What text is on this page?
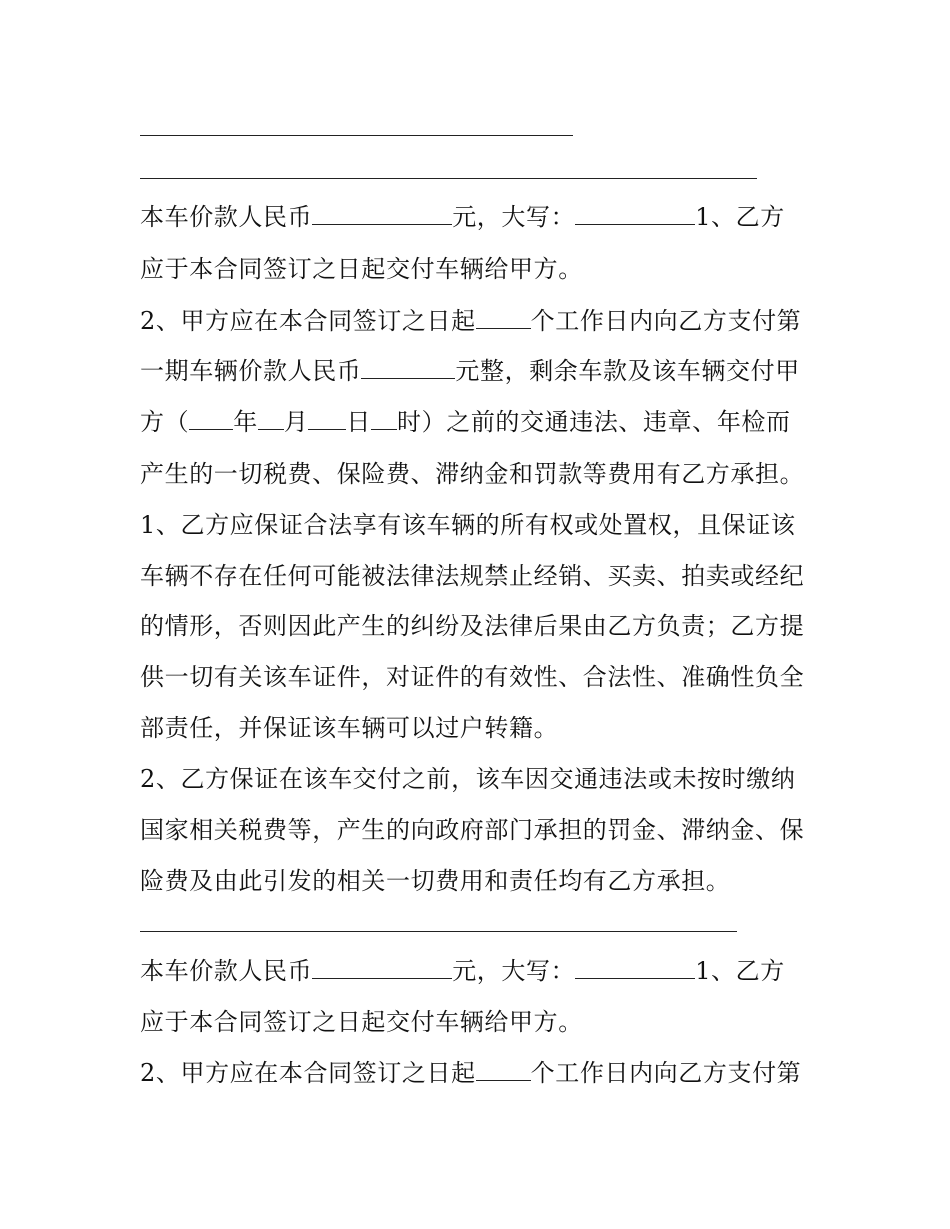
本车价款人民币	元，大写：	1、乙方
应于本合同签订之日起交付车辆给甲方。
2、甲方应在本合同签订之日起 个工作日内向乙方支付第
一期车辆价款人民币	元整，剩余车款及该车辆交付甲
方（ 年 月 日 时）之前的交通违法、违章、年检而
产生的一切税费、保险费、滞纳金和罚款等费用有乙方承担。
1、乙方应保证合法享有该车辆的所有权或处置权，且保证该
车辆不存在任何可能被法律法规禁止经销、买卖、拍卖或经纪
的情形，否则因此产生的纠纷及法律后果由乙方负责；乙方提
供一切有关该车证件，对证件的有效性、合法性、准确性负全
部责任，并保证该车辆可以过户转籍。
2、乙方保证在该车交付之前，该车因交通违法或未按时缴纳
国家相关税费等，产生的向政府部门承担的罚金、滞纳金、保
险费及由此引发的相关一切费用和责任均有乙方承担。
本车价款人民币	元，大写：	1、乙方
应于本合同签订之日起交付车辆给甲方。
2、甲方应在本合同签订之日起 个工作日内向乙方支付第
